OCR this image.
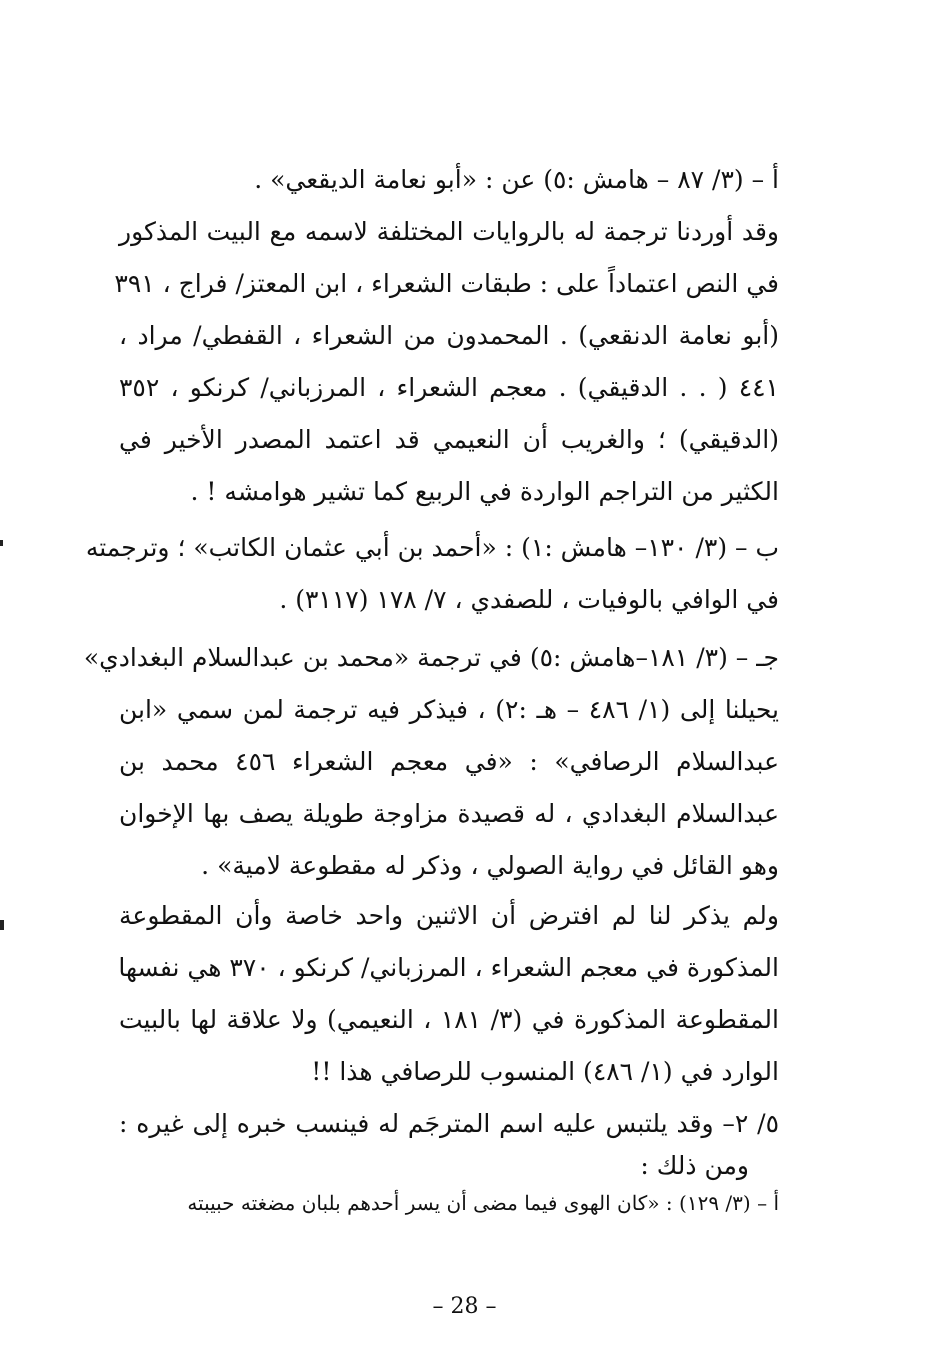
أ – (٣/ ٨٧ – هامش :٥) عن : «أبو نعامة الديقعي» .
وقد أوردنا ترجمة له بالروايات المختلفة لاسمه مع البيت المذكور
في النص اعتماداً على : طبقات الشعراء ، ابن المعتز/ فراج ، ٣٩١
(أبو نعامة الدنقعي) . المحمدون من الشعراء ، القفطي/ مراد ،
٤٤١ ( . . الدقيقي) . معجم الشعراء ، المرزباني/ كرنكو ، ٣٥٢
(الدقيقي) ؛ والغريب أن النعيمي قد اعتمد المصدر الأخير في
الكثير من التراجم الواردة في الربيع كما تشير هوامشه ! .
ب – (٣/ ١٣٠– هامش :١) : «أحمد بن أبي عثمان الكاتب» ؛ وترجمته
في الوافي بالوفيات ، للصفدي ، ٧/ ١٧٨ (٣١١٧) .
جـ – (٣/ ١٨١–هامش :٥) في ترجمة «محمد بن عبدالسلام البغدادي»
يحيلنا إلى (١/ ٤٨٦ – هـ :٢) ، فيذكر فيه ترجمة لمن سمي «ابن
عبدالسلام الرصافي» : «في معجم الشعراء ٤٥٦ محمد بن
عبدالسلام البغدادي ، له قصيدة مزاوجة طويلة يصف بها الإخوان
وهو القائل في رواية الصولي ، وذكر له مقطوعة لامية» .
ولم يذكر لنا لم افترض أن الاثنين واحد خاصة وأن المقطوعة
المذكورة في معجم الشعراء ، المرزباني/ كرنكو ، ٣٧٠ هي نفسها
المقطوعة المذكورة في (٣/ ١٨١ ، النعيمي) ولا علاقة لها بالبيت
الوارد في (١/ ٤٨٦) المنسوب للرصافي هذا !!
٥/ ٢– وقد يلتبس عليه اسم المترجَم له فينسب خبره إلى غيره :
ومن ذلك :
أ – (٣/ ١٢٩) : «كان الهوى فيما مضى أن يسر أحدهم بلبان مضغته حبيبته
– 28 –
